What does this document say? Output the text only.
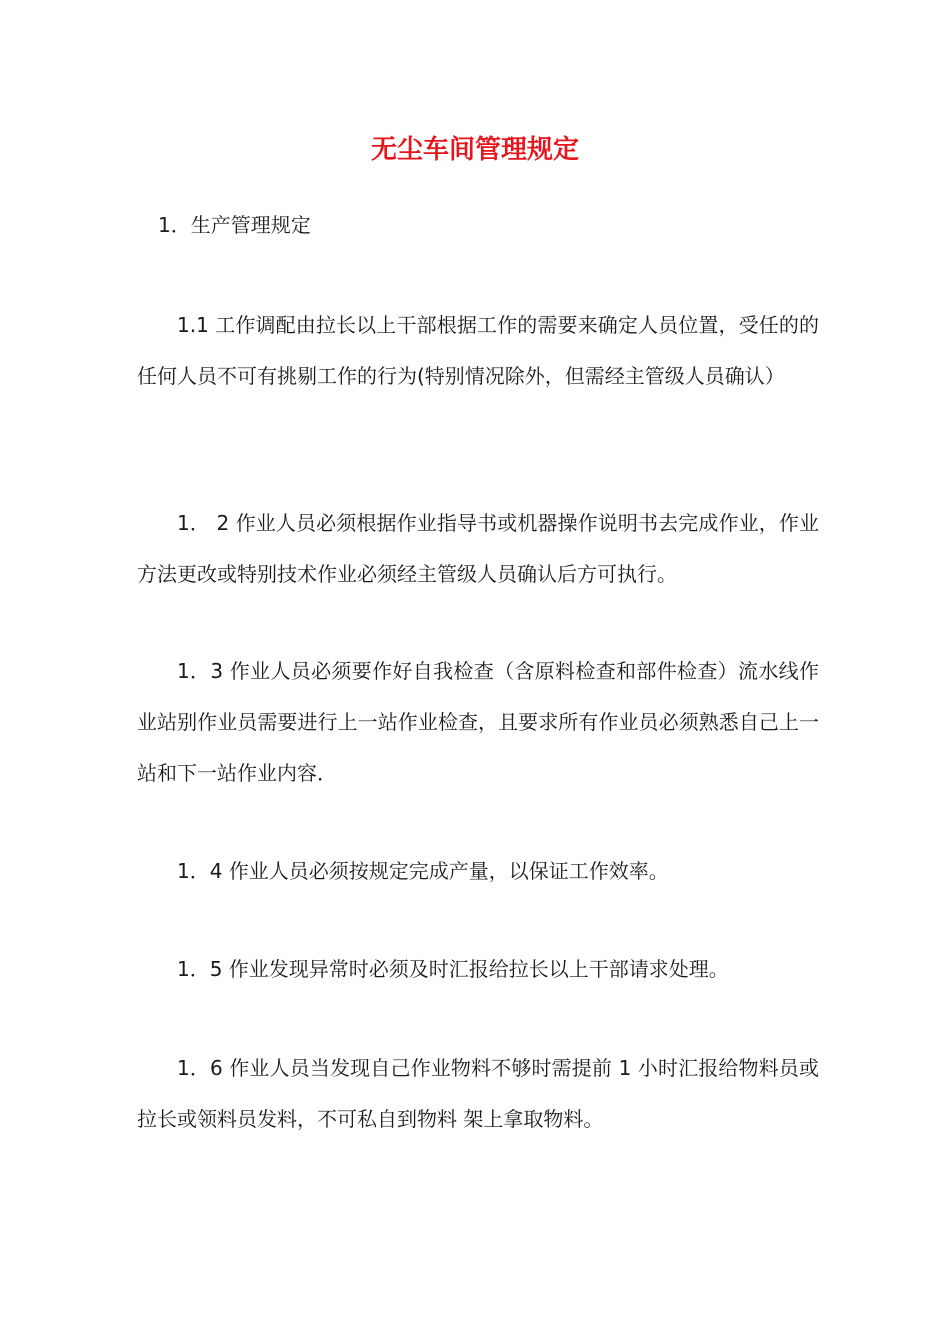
无尘车间管理规定

1．生产管理规定

1.1 工作调配由拉长以上干部根据工作的需要来确定人员位置，受任的的任何人员不可有挑剔工作的行为(特别情况除外，但需经主管级人员确认）

1． 2 作业人员必须根据作业指导书或机器操作说明书去完成作业，作业方法更改或特别技术作业必须经主管级人员确认后方可执行。

1．3 作业人员必须要作好自我检查（含原料检查和部件检查）流水线作业站别作业员需要进行上一站作业检查，且要求所有作业员必须熟悉自己上一站和下一站作业内容．

1．4 作业人员必须按规定完成产量，以保证工作效率。

1．5 作业发现异常时必须及时汇报给拉长以上干部请求处理。

1．6 作业人员当发现自己作业物料不够时需提前 1 小时汇报给物料员或拉长或领料员发料，不可私自到物料 架上拿取物料。
